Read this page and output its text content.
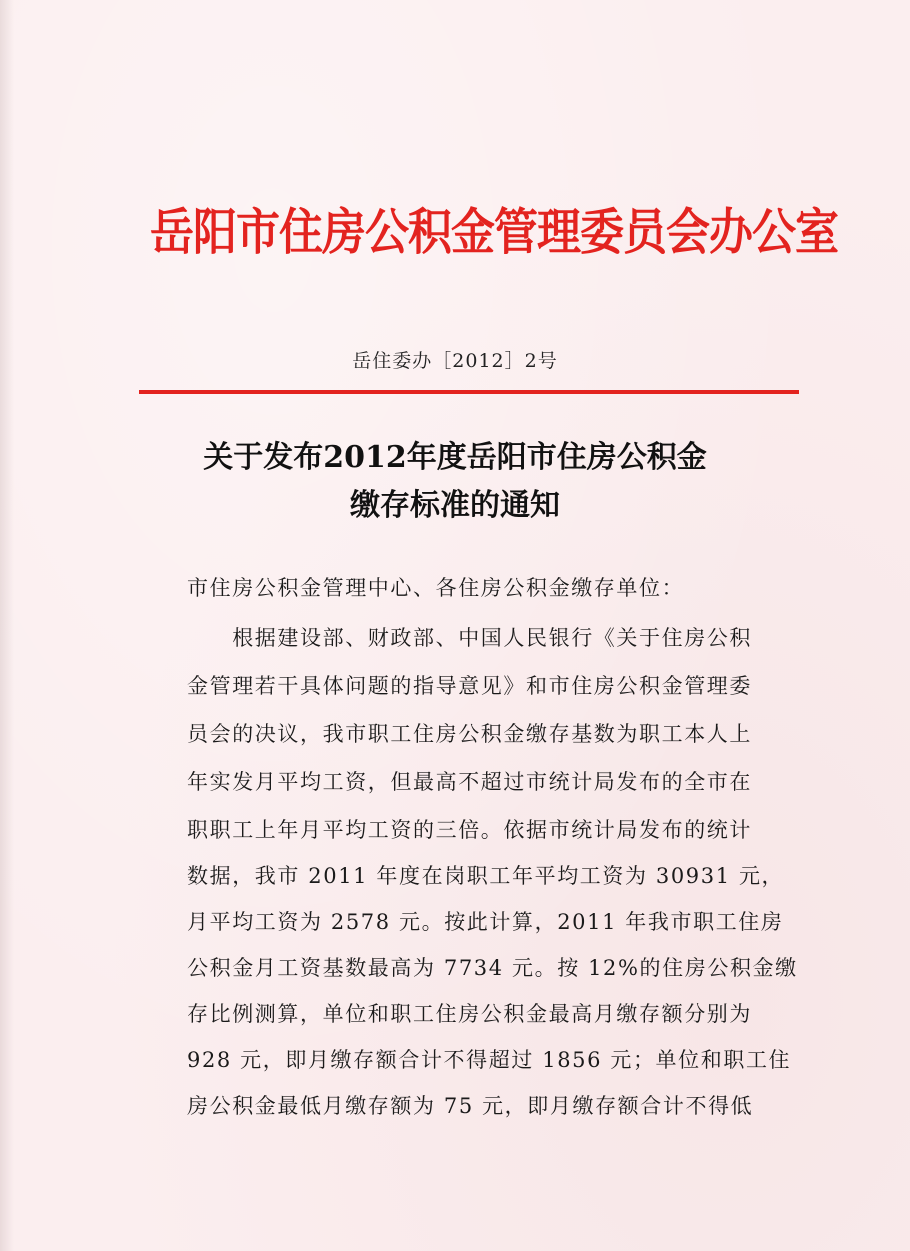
岳阳市住房公积金管理委员会办公室
岳住委办［2012］2号
关于发布2012年度岳阳市住房公积金
缴存标准的通知
市住房公积金管理中心、各住房公积金缴存单位：
　　根据建设部、财政部、中国人民银行《关于住房公积
金管理若干具体问题的指导意见》和市住房公积金管理委
员会的决议，我市职工住房公积金缴存基数为职工本人上
年实发月平均工资，但最高不超过市统计局发布的全市在
职职工上年月平均工资的三倍。依据市统计局发布的统计
数据，我市 2011 年度在岗职工年平均工资为 30931 元，
月平均工资为 2578 元。按此计算，2011 年我市职工住房
公积金月工资基数最高为 7734 元。按 12%的住房公积金缴
存比例测算，单位和职工住房公积金最高月缴存额分别为
928 元，即月缴存额合计不得超过 1856 元；单位和职工住
房公积金最低月缴存额为 75 元，即月缴存额合计不得低
